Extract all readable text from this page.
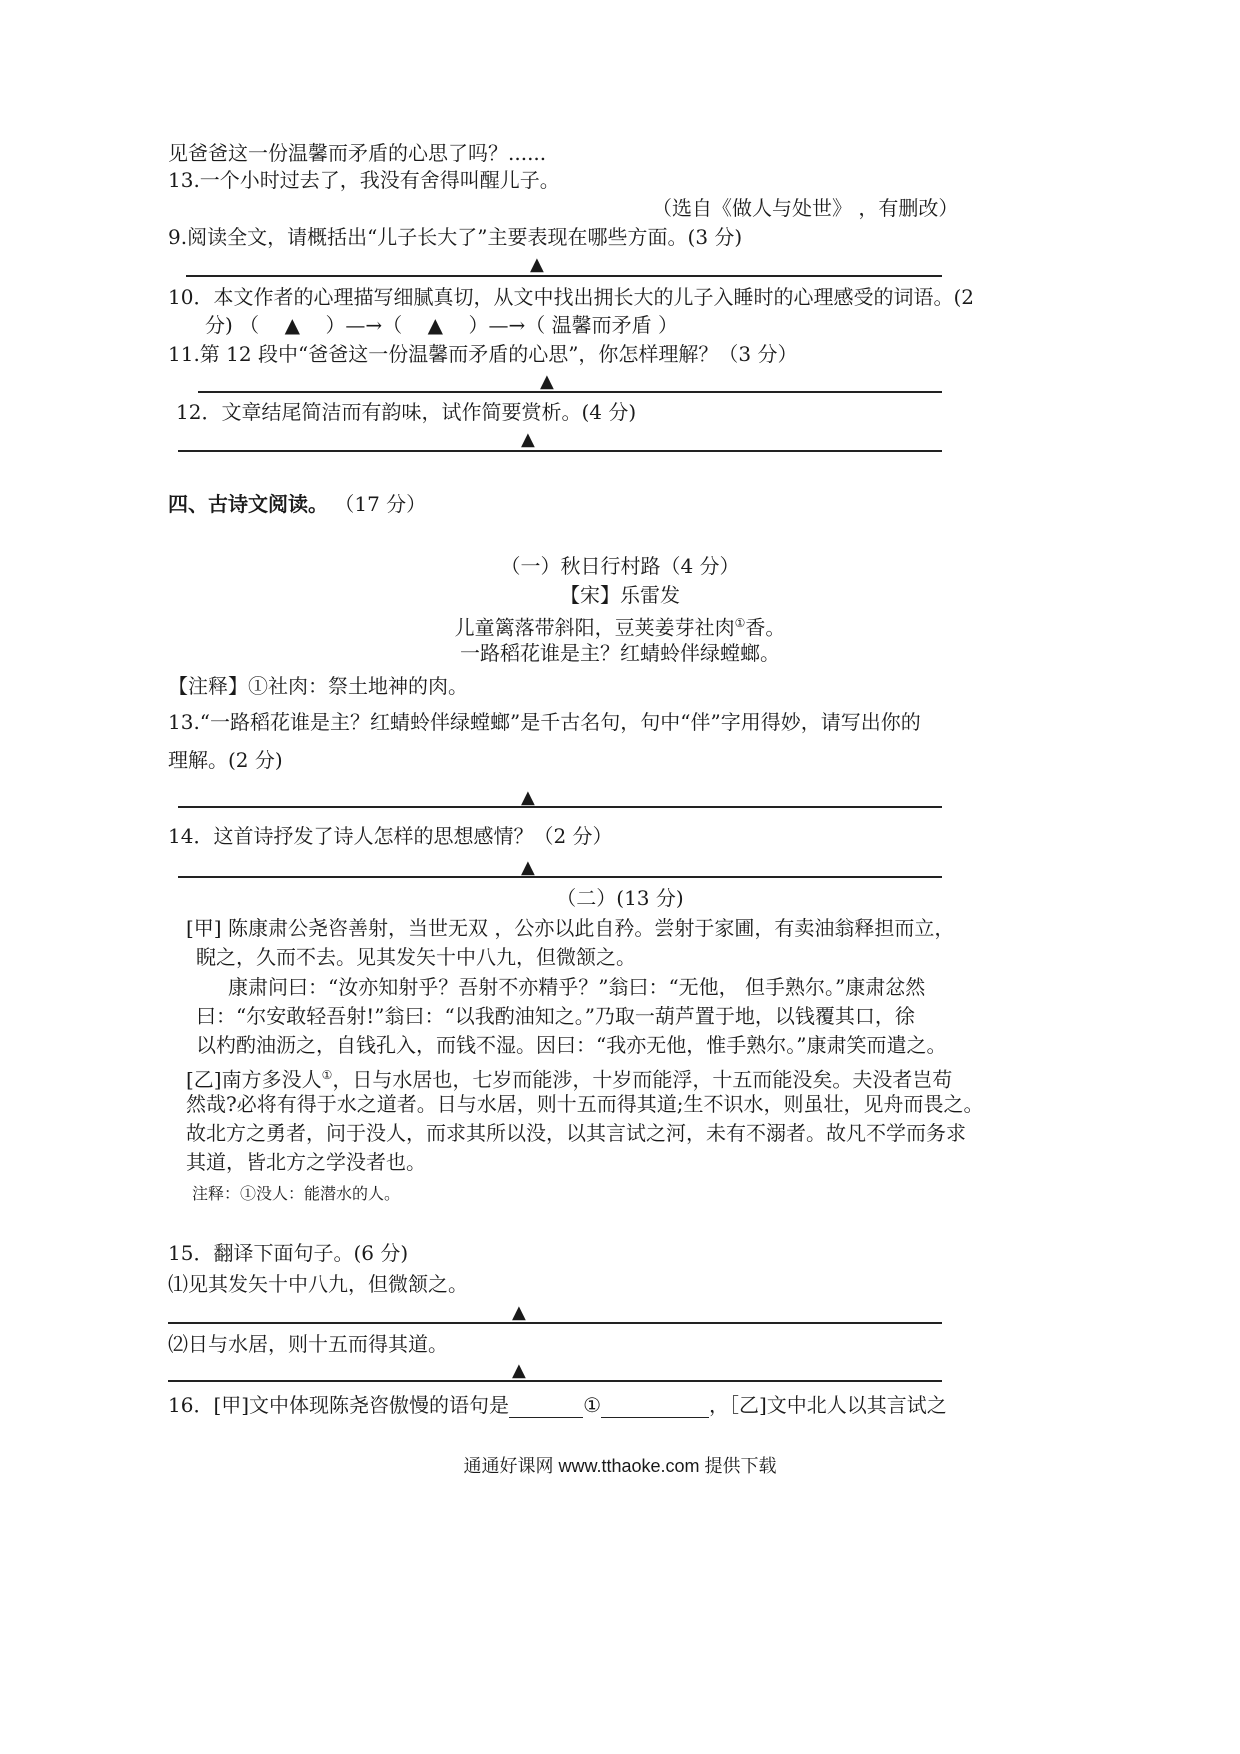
见爸爸这一份温馨而矛盾的心思了吗？......
13.一个小时过去了，我没有舍得叫醒儿子。
（选自《做人与处世》 ，有删改）
9.阅读全文，请概括出“儿子长大了”主要表现在哪些方面。(3 分)
▲
10．本文作者的心理描写细腻真切，从文中找出拥长大的儿子入睡时的心理感受的词语。(2
分) （ ▲ ）—→（ ▲ ）—→（ 温馨而矛盾 ）
11.第 12 段中“爸爸这一份温馨而矛盾的心思”，你怎样理解？（3 分）
▲
12．文章结尾简洁而有韵味，试作简要赏析。(4 分)
▲
四、古诗文阅读。 （17 分）
（一）秋日行村路（4 分）
【宋】乐雷发
儿童篱落带斜阳，豆荚姜芽社肉①香。
一路稻花谁是主？红蜻蛉伴绿螳螂。
【注释】①社肉：祭土地神的肉。
13.“一路稻花谁是主？红蜻蛉伴绿螳螂”是千古名句，句中“伴”字用得妙，请写出你的
理解。(2 分)
▲
14．这首诗抒发了诗人怎样的思想感情？（2 分）
▲
（二）(13 分)
[甲] 陈康肃公尧咨善射，当世无双 ，公亦以此自矜。尝射于家圃，有卖油翁释担而立，
睨之，久而不去。见其发矢十中八九，但微颔之。
康肃问曰：“汝亦知射乎？吾射不亦精乎？”翁曰：“无他， 但手熟尔。”康肃忿然
曰：“尔安敢轻吾射!”翁曰：“以我酌油知之。”乃取一葫芦置于地，以钱覆其口，徐
以杓酌油沥之，自钱孔入，而钱不湿。因曰：“我亦无他，惟手熟尔。”康肃笑而遣之。
[乙]南方多没人①，日与水居也，七岁而能涉，十岁而能浮，十五而能没矣。夫没者岂苟
然哉?必将有得于水之道者。日与水居，则十五而得其道;生不识水，则虽壮，见舟而畏之。
故北方之勇者，问于没人，而求其所以没，以其言试之河，未有不溺者。故凡不学而务求
其道，皆北方之学没者也。
注释：①没人：能潜水的人。
15．翻译下面句子。(6 分)
⑴见其发矢十中八九，但微颔之。
▲
⑵日与水居，则十五而得其道。
▲
16．[甲]文中体现陈尧咨傲慢的语句是	①	，［乙]文中北人以其言试之
通通好课网 www.tthaoke.com 提供下载
